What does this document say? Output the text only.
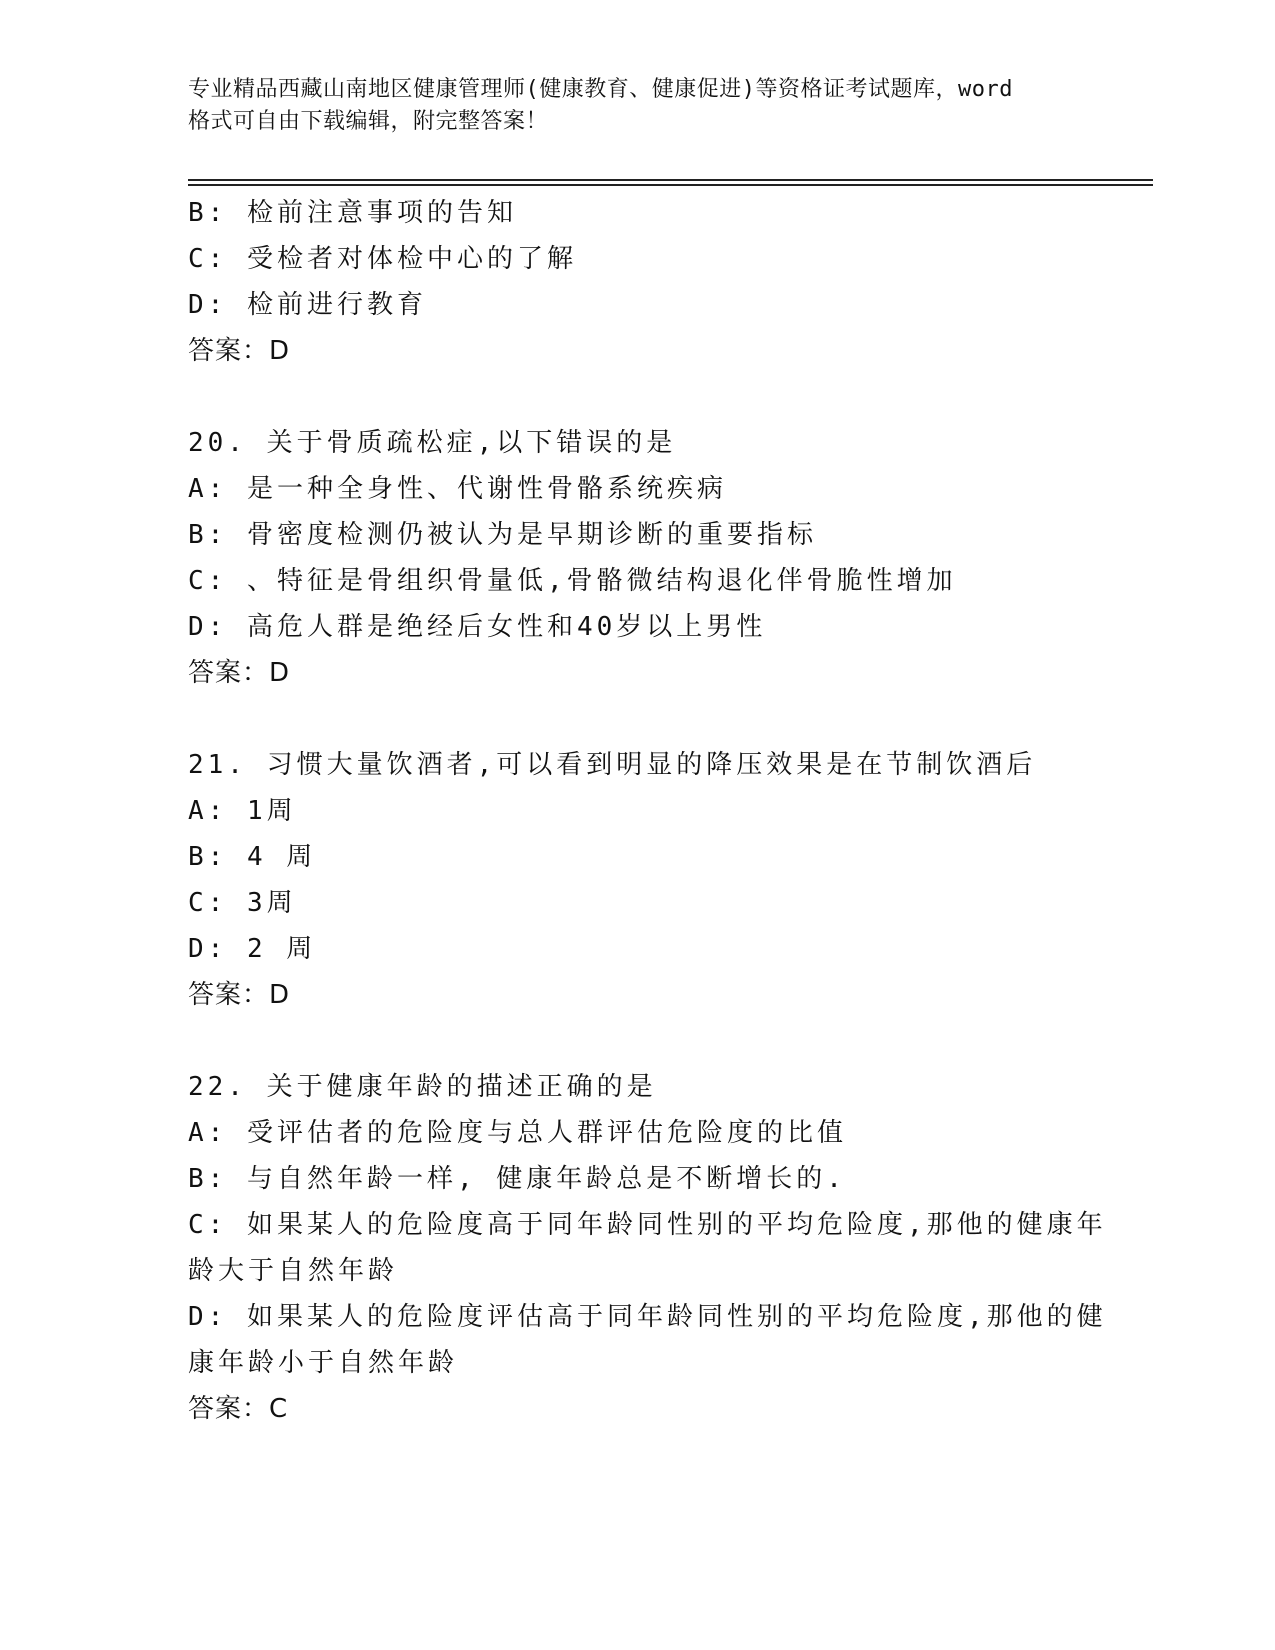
专业精品西藏山南地区健康管理师(健康教育、健康促进)等资格证考试题库，word
格式可自由下载编辑，附完整答案！
B: 检前注意事项的告知
C: 受检者对体检中心的了解
D: 检前进行教育
答案：D
20. 关于骨质疏松症,以下错误的是
A: 是一种全身性、代谢性骨骼系统疾病
B: 骨密度检测仍被认为是早期诊断的重要指标
C: 、特征是骨组织骨量低,骨骼微结构退化伴骨脆性增加
D: 高危人群是绝经后女性和40岁以上男性
答案：D
21. 习惯大量饮酒者,可以看到明显的降压效果是在节制饮酒后
A: 1周
B: 4 周
C: 3周
D: 2 周
答案：D
22. 关于健康年龄的描述正确的是
A: 受评估者的危险度与总人群评估危险度的比值
B: 与自然年龄一样, 健康年龄总是不断增长的.
C: 如果某人的危险度高于同年龄同性别的平均危险度,那他的健康年
龄大于自然年龄
D: 如果某人的危险度评估高于同年龄同性别的平均危险度,那他的健
康年龄小于自然年龄
答案：C
